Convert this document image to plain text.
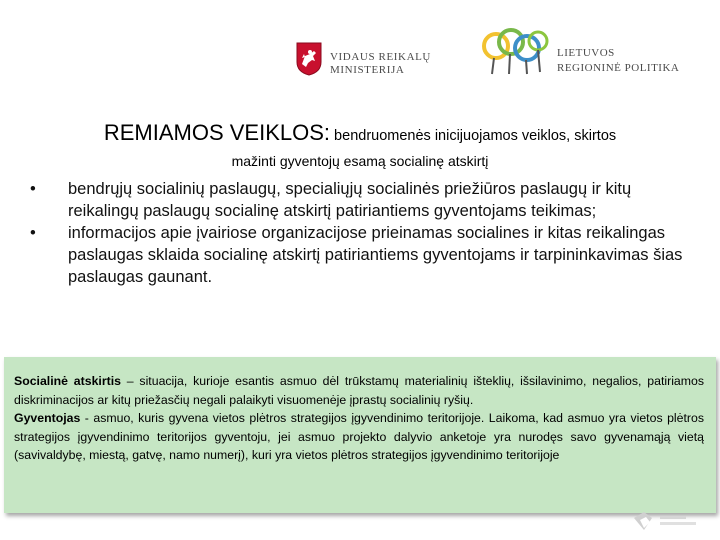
VIDAUS REIKALŲ
MINISTERIJA
LIETUVOS
REGIONINĖ POLITIKA
REMIAMOS VEIKLOS: bendruomenės inicijuojamos veiklos, skirtos
mažinti gyventojų esamą socialinę atskirtį
• bendrųjų socialinių paslaugų, specialiųjų socialinės priežiūros paslaugų ir kitų reikalingų paslaugų socialinę atskirtį patiriantiems gyventojams teikimas;
• informacijos apie įvairiose organizacijose prieinamas socialines ir kitas reikalingas paslaugas sklaida socialinę atskirtį patiriantiems gyventojams ir tarpininkavimas šias paslaugas gaunant.

Socialinė atskirtis – situacija, kurioje esantis asmuo dėl trūkstamų materialinių išteklių, išsilavinimo, negalios, patiriamos diskriminacijos ar kitų priežasčių negali palaikyti visuomenėje įprastų socialinių ryšių.

Gyventojas - asmuo, kuris gyvena vietos plėtros strategijos įgyvendinimo teritorijoje. Laikoma, kad asmuo yra vietos plėtros strategijos įgyvendinimo teritorijos gyventoju, jei asmuo projekto dalyvio anketoje yra nurodęs savo gyvenamąją vietą (savivaldybę, miestą, gatvę, namo numerį), kuri yra vietos plėtros strategijos įgyvendinimo teritorijoje
